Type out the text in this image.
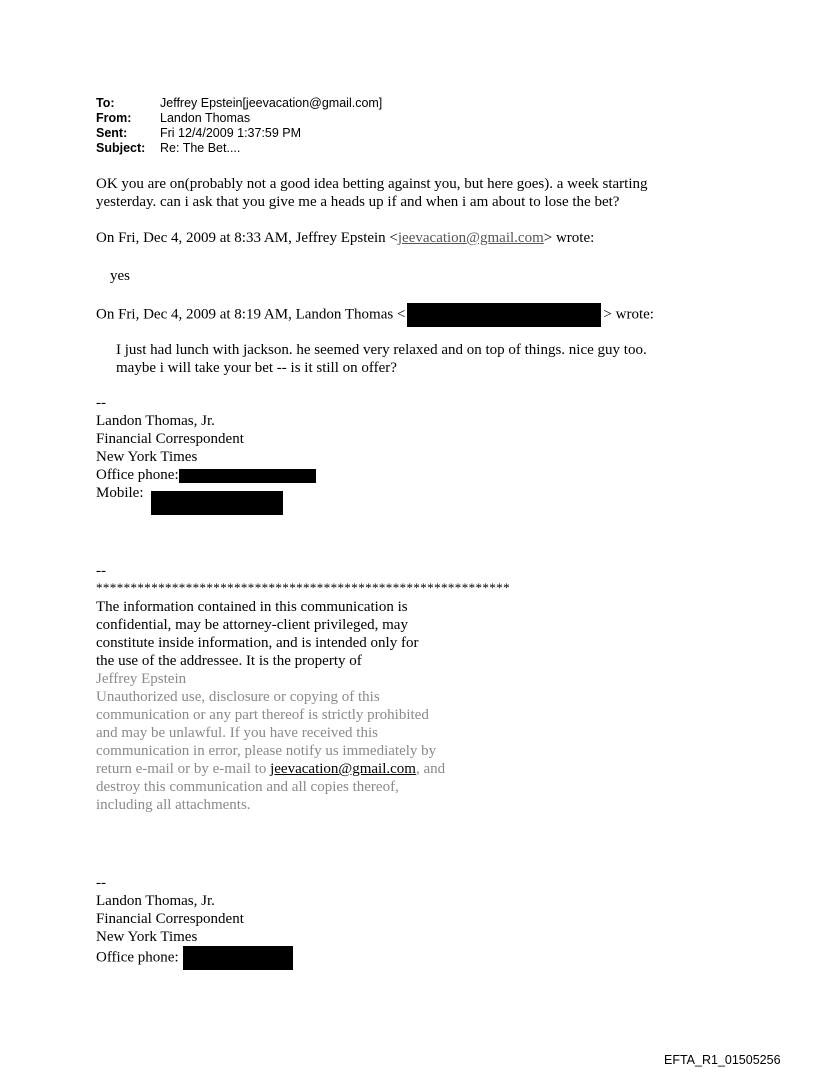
To:	Jeffrey Epstein[jeevacation@gmail.com]
From:	Landon Thomas
Sent:	Fri 12/4/2009 1:37:59 PM
Subject:	Re: The Bet....
OK you are on(probably not a good idea betting against you, but here goes). a week starting
yesterday. can i ask that you give me a heads up if and when i am about to lose the bet?
On Fri, Dec 4, 2009 at 8:33 AM, Jeffrey Epstein <jeevacation@gmail.com> wrote:
yes
On Fri, Dec 4, 2009 at 8:19 AM, Landon Thomas <	> wrote:
I just had lunch with jackson. he seemed very relaxed and on top of things. nice guy too.
maybe i will take your bet -- is it still on offer?
--
Landon Thomas, Jr.
Financial Correspondent
New York Times
Office phone:
Mobile:
--
************************************************************
The information contained in this communication is
confidential, may be attorney-client privileged, may
constitute inside information, and is intended only for
the use of the addressee. It is the property of
Jeffrey Epstein
Unauthorized use, disclosure or copying of this
communication or any part thereof is strictly prohibited
and may be unlawful. If you have received this
communication in error, please notify us immediately by
return e-mail or by e-mail to jeevacation@gmail.com, and
destroy this communication and all copies thereof,
including all attachments.
--
Landon Thomas, Jr.
Financial Correspondent
New York Times
Office phone:
EFTA_R1_01505256
